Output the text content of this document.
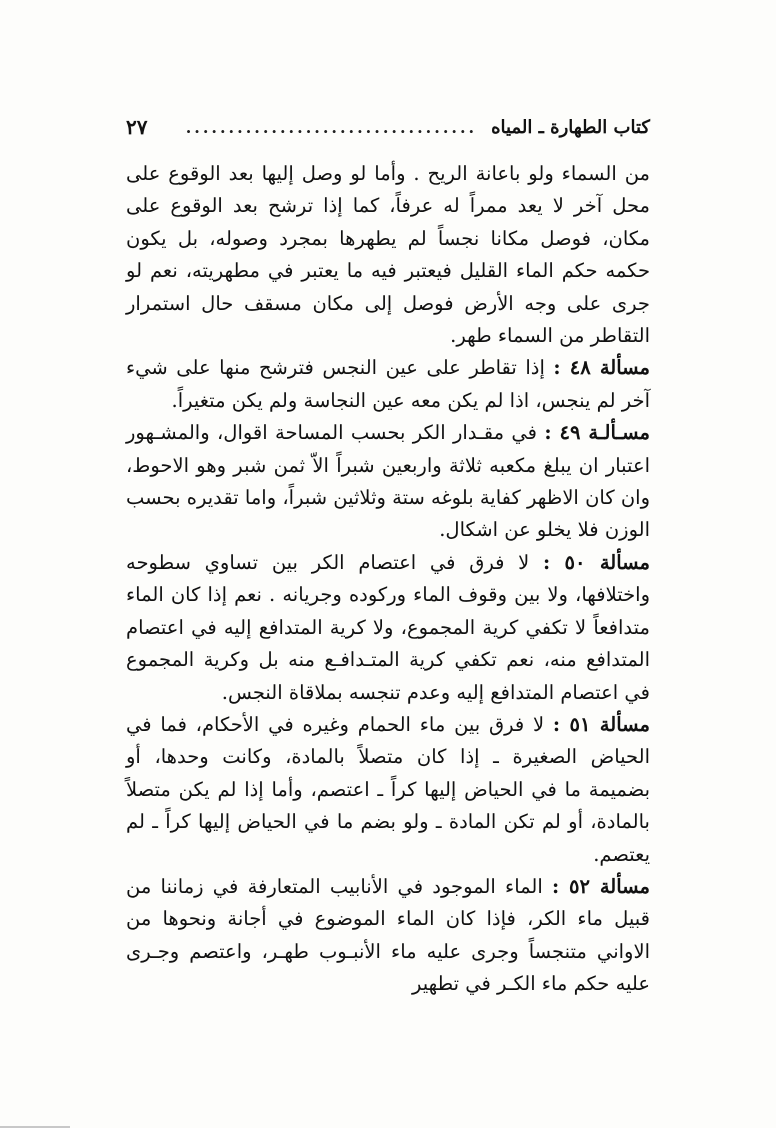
كتاب الطهارة ـ المياه
..................................
٢٧

من السماء ولو باعانة الريح . وأما لو وصل إليها بعد الوقوع على محل آخر لا يعد ممراً له عرفاً، كما إذا ترشح بعد الوقوع على مكان، فوصل مكانا نجساً لم يطهرها بمجرد وصوله، بل يكون حكمه حكم الماء القليل فيعتبر فيه ما يعتبر في مطهريته، نعم لو جرى على وجه الأرض فوصل إلى مكان مسقف حال استمرار التقاطر من السماء طهر.

مسألة ٤٨ : إذا تقاطر على عين النجس فترشح منها على شيء آخر لم ينجس، اذا لم يكن معه عين النجاسة ولم يكن متغيراً.

مسـألـة ٤٩ : في مقـدار الكر بحسب المساحة اقوال، والمشـهور اعتبار ان يبلغ مكعبه ثلاثة واربعين شبراً الاّ ثمن شبر وهو الاحوط، وان كان الاظهر كفاية بلوغه ستة وثلاثين شبراً، واما تقديره بحسب الوزن فلا يخلو عن اشكال.

مسألة ٥٠ : لا فرق في اعتصام الكر بين تساوي سطوحه واختلافها، ولا بين وقوف الماء وركوده وجريانه . نعم إذا كان الماء متدافعاً لا تكفي كرية المجموع، ولا كرية المتدافع إليه في اعتصام المتدافع منه، نعم تكفي كرية المتـدافـع منه بل وكرية المجموع في اعتصام المتدافع إليه وعدم تنجسه بملاقاة النجس.

مسألة ٥١ : لا فرق بين ماء الحمام وغيره في الأحكام، فما في الحياض الصغيرة ـ إذا كان متصلاً بالمادة، وكانت وحدها، أو بضميمة ما في الحياض إليها كراً ـ اعتصم، وأما إذا لم يكن متصلاً بالمادة، أو لم تكن المادة ـ ولو بضم ما في الحياض إليها كراً ـ لم يعتصم.

مسألة ٥٢ : الماء الموجود في الأنابيب المتعارفة في زماننا من قبيل ماء الكر، فإذا كان الماء الموضوع في أجانة ونحوها من الاواني متنجساً وجرى عليه ماء الأنبـوب طهـر، واعتصم وجـرى عليه حكم ماء الكـر في تطهير
